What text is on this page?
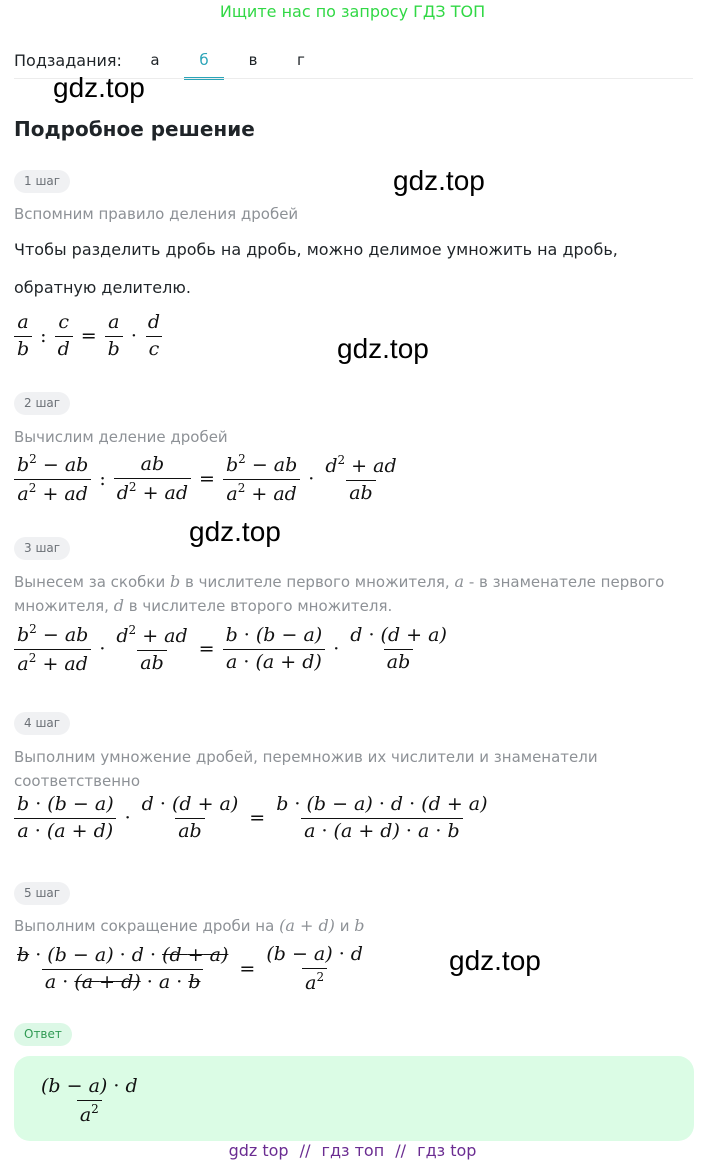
Ищите нас по запросу ГДЗ ТОП
Подзадания:	а	б	в	г
gdz.top
gdz.top
gdz.top
gdz.top
gdz.top
Подробное решение
1 шаг
Вспомним правило деления дробей
Чтобы разделить дробь на дробь, можно делимое умножить на дробь,
обратную делителю.
$\frac{a}{b}$ : $\frac{c}{d} = \frac{a}{b} \cdot \frac{d}{c}$
2 шаг
Вычислим деление дробей
$\frac{b^2 - ab}{a^2 + ad}$ : $\frac{ab}{d^2 + ad} = \frac{b^2 - ab}{a^2 + ad} \cdot \frac{d^2 + ad}{ab}$
3 шаг
Вынесем за скобки b в числителе первого множителя, a - в знаменателе первого
множителя, d в числителе второго множителя.
$\frac{b^2 - ab}{a^2 + ad} \cdot \frac{d^2 + ad}{ab} = \frac{b \cdot (b - a)}{a \cdot (a + d)} \cdot \frac{d \cdot (d + a)}{ab}$
4 шаг
Выполним умножение дробей, перемножив их числители и знаменатели
соответственно
$\frac{b \cdot (b - a)}{a \cdot (a + d)} \cdot \frac{d \cdot (d + a)}{ab} = \frac{b \cdot (b - a) \cdot d \cdot (d + a)}{a \cdot (a + d) \cdot a \cdot b}$
5 шаг
Выполним сокращение дроби на (a + d) и b
$\frac{b \cdot (b - a) \cdot d \cdot (d + a)}{a \cdot (a + d) \cdot a \cdot b} = \frac{(b - a) \cdot d}{a^2}$
Ответ
$\frac{(b - a) \cdot d}{a^2}$
gdz top // гдз топ // гдз top
